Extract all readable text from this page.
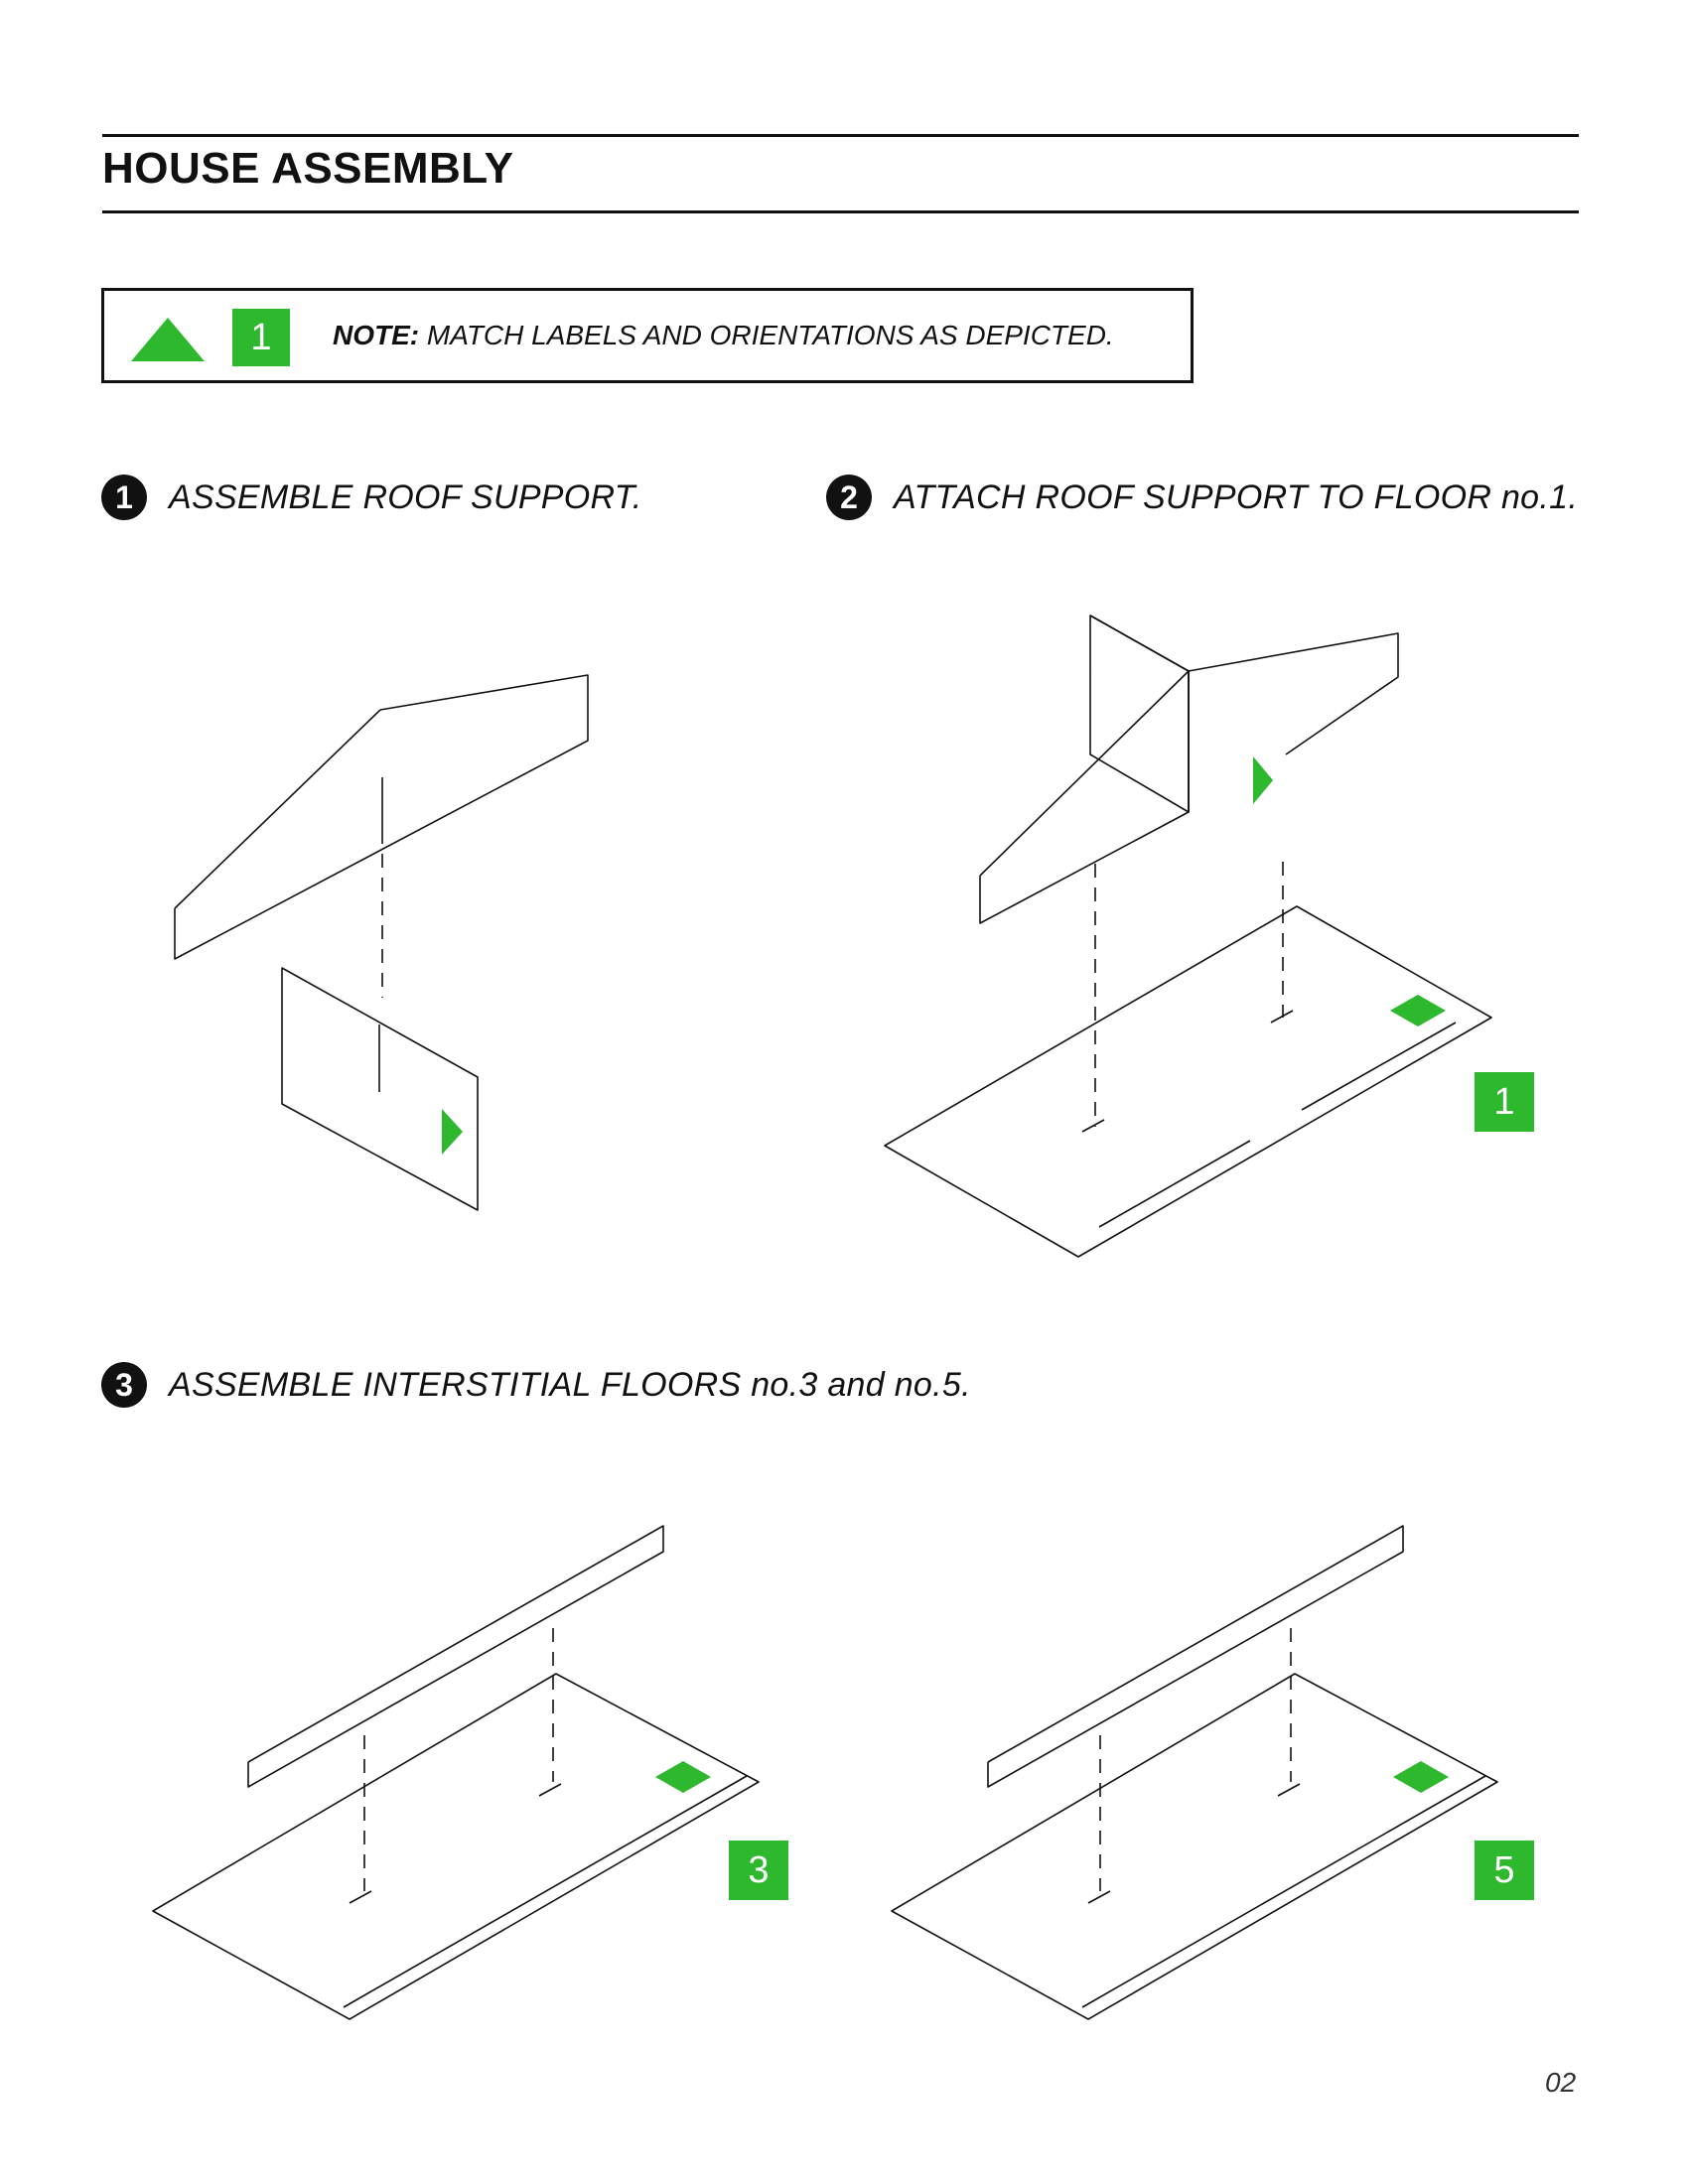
HOUSE ASSEMBLY
1	NOTE: MATCH LABELS AND ORIENTATIONS AS DEPICTED.
1	ASSEMBLE ROOF SUPPORT.	2	ATTACH ROOF SUPPORT TO FLOOR no.1.
3	ASSEMBLE INTERSTITIAL FLOORS no.3 and no.5.
1
3	5
02
